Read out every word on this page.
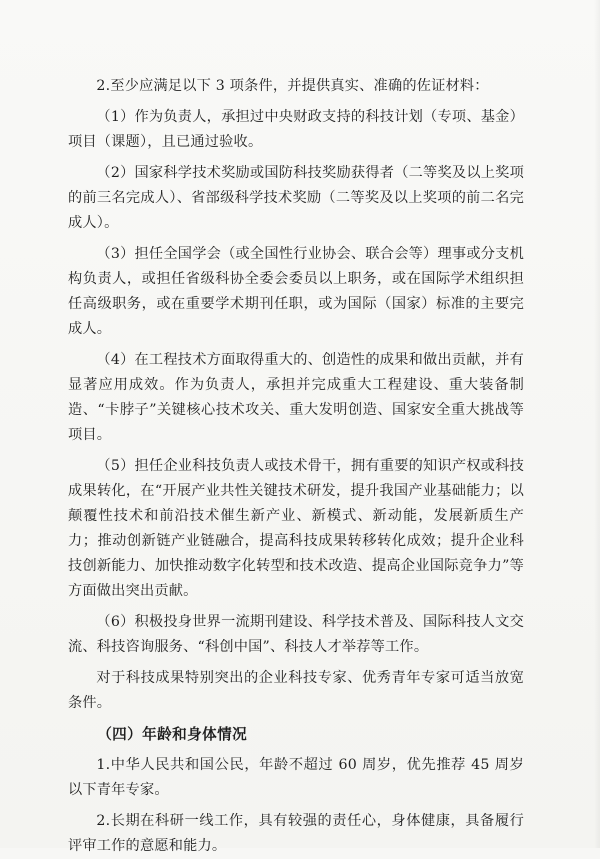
2.至少应满足以下 3 项条件，并提供真实、准确的佐证材料：

（1）作为负责人，承担过中央财政支持的科技计划（专项、基金）项目（课题），且已通过验收。

（2）国家科学技术奖励或国防科技奖励获得者（二等奖及以上奖项的前三名完成人）、省部级科学技术奖励（二等奖及以上奖项的前二名完成人）。

（3）担任全国学会（或全国性行业协会、联合会等）理事或分支机构负责人，或担任省级科协全委会委员以上职务，或在国际学术组织担任高级职务，或在重要学术期刊任职，或为国际（国家）标准的主要完成人。

（4）在工程技术方面取得重大的、创造性的成果和做出贡献，并有显著应用成效。作为负责人，承担并完成重大工程建设、重大装备制造、“卡脖子”关键核心技术攻关、重大发明创造、国家安全重大挑战等项目。

（5）担任企业科技负责人或技术骨干，拥有重要的知识产权或科技成果转化，在“开展产业共性关键技术研发，提升我国产业基础能力；以颠覆性技术和前沿技术催生新产业、新模式、新动能，发展新质生产力；推动创新链产业链融合，提高科技成果转移转化成效；提升企业科技创新能力、加快推动数字化转型和技术改造、提高企业国际竞争力”等方面做出突出贡献。

（6）积极投身世界一流期刊建设、科学技术普及、国际科技人文交流、科技咨询服务、“科创中国”、科技人才举荐等工作。

对于科技成果特别突出的企业科技专家、优秀青年专家可适当放宽条件。

（四）年龄和身体情况

1.中华人民共和国公民，年龄不超过 60 周岁，优先推荐 45 周岁以下青年专家。

2.长期在科研一线工作，具有较强的责任心，身体健康，具备履行评审工作的意愿和能力。
